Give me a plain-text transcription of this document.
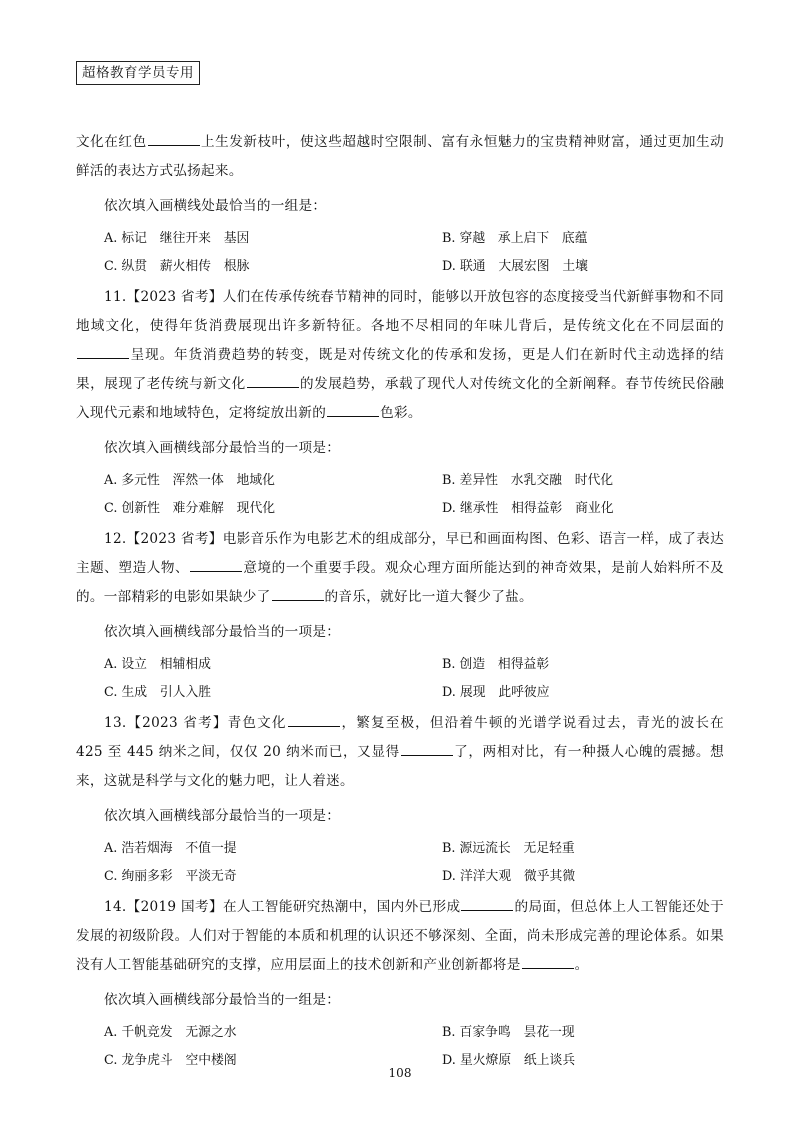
超格教育学员专用

文化在红色	上生发新枝叶，使这些超越时空限制、富有永恒魅力的宝贵精神财富，通过更加生动鲜活的表达方式弘扬起来。

依次填入画横线处最恰当的一组是：

A. 标记　继往开来　基因	B. 穿越　承上启下　底蕴
C. 纵贯　薪火相传　根脉	D. 联通　大展宏图　土壤

11.【2023 省考】人们在传承传统春节精神的同时，能够以开放包容的态度接受当代新鲜事物和不同地域文化，使得年货消费展现出许多新特征。各地不尽相同的年味儿背后，是传统文化在不同层面的呈现。年货消费趋势的转变，既是对传统文化的传承和发扬，更是人们在新时代主动选择的结果，展现了老传统与新文化	的发展趋势，承载了现代人对传统文化的全新阐释。春节传统民俗融入现代元素和地域特色，定将绽放出新的	色彩。

依次填入画横线部分最恰当的一项是：

A. 多元性　浑然一体　地域化	B. 差异性　水乳交融　时代化
C. 创新性　难分难解　现代化	D. 继承性　相得益彰　商业化

12.【2023 省考】电影音乐作为电影艺术的组成部分，早已和画面构图、色彩、语言一样，成了表达主题、塑造人物、	意境的一个重要手段。观众心理方面所能达到的神奇效果，是前人始料所不及的。一部精彩的电影如果缺少了	的音乐，就好比一道大餐少了盐。

依次填入画横线部分最恰当的一项是：

A. 设立　相辅相成	B. 创造　相得益彰
C. 生成　引人入胜	D. 展现　此呼彼应

13.【2023 省考】青色文化	，繁复至极，但沿着牛顿的光谱学说看过去，青光的波长在 425 至 445 纳米之间，仅仅 20 纳米而已，又显得	了，两相对比，有一种摄人心魄的震撼。想来，这就是科学与文化的魅力吧，让人着迷。

依次填入画横线部分最恰当的一项是：

A. 浩若烟海　不值一提	B. 源远流长　无足轻重
C. 绚丽多彩　平淡无奇	D. 洋洋大观　微乎其微

14.【2019 国考】在人工智能研究热潮中，国内外已形成	的局面，但总体上人工智能还处于发展的初级阶段。人们对于智能的本质和机理的认识还不够深刻、全面，尚未形成完善的理论体系。如果没有人工智能基础研究的支撑，应用层面上的技术创新和产业创新都将是	。

依次填入画横线部分最恰当的一组是：

A. 千帆竞发　无源之水	B. 百家争鸣　昙花一现
C. 龙争虎斗　空中楼阁	D. 星火燎原　纸上谈兵
108
